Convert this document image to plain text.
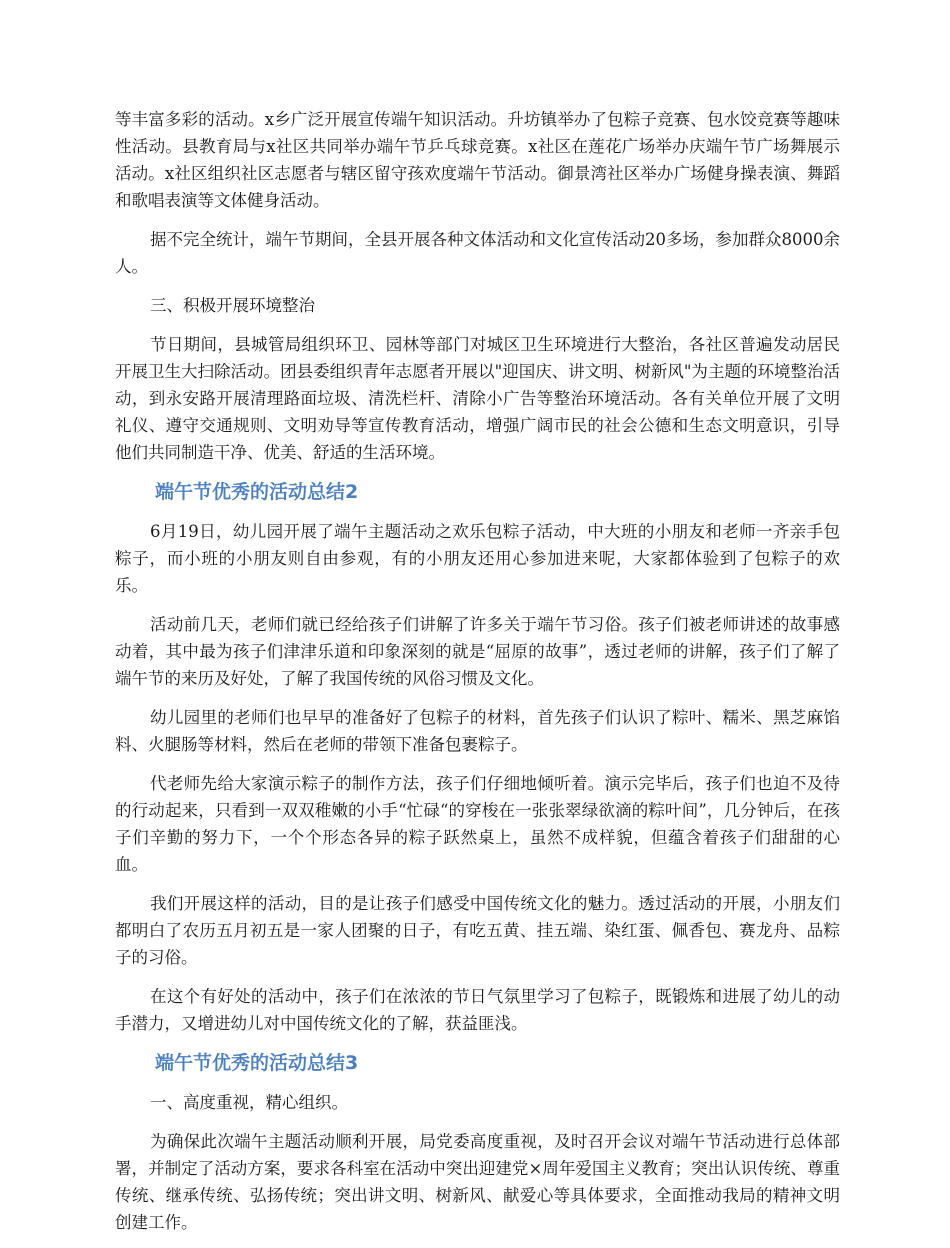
等丰富多彩的活动。x乡广泛开展宣传端午知识活动。升坊镇举办了包粽子竞赛、包水饺竞赛等趣味性活动。县教育局与x社区共同举办端午节乒乓球竞赛。x社区在莲花广场举办庆端午节广场舞展示活动。x社区组织社区志愿者与辖区留守孩欢度端午节活动。御景湾社区举办广场健身操表演、舞蹈和歌唱表演等文体健身活动。

据不完全统计，端午节期间，全县开展各种文体活动和文化宣传活动20多场，参加群众8000余人。

三、积极开展环境整治

节日期间，县城管局组织环卫、园林等部门对城区卫生环境进行大整治，各社区普遍发动居民开展卫生大扫除活动。团县委组织青年志愿者开展以"迎国庆、讲文明、树新风"为主题的环境整治活动，到永安路开展清理路面垃圾、清洗栏杆、清除小广告等整治环境活动。各有关单位开展了文明礼仪、遵守交通规则、文明劝导等宣传教育活动，增强广阔市民的社会公德和生态文明意识，引导他们共同制造干净、优美、舒适的生活环境。

端午节优秀的活动总结2

6月19日，幼儿园开展了端午主题活动之欢乐包粽子活动，中大班的小朋友和老师一齐亲手包粽子，而小班的小朋友则自由参观，有的小朋友还用心参加进来呢，大家都体验到了包粽子的欢乐。

活动前几天，老师们就已经给孩子们讲解了许多关于端午节习俗。孩子们被老师讲述的故事感动着，其中最为孩子们津津乐道和印象深刻的就是“屈原的故事”，透过老师的讲解，孩子们了解了端午节的来历及好处，了解了我国传统的风俗习惯及文化。

幼儿园里的老师们也早早的准备好了包粽子的材料，首先孩子们认识了粽叶、糯米、黑芝麻馅料、火腿肠等材料，然后在老师的带领下准备包裹粽子。

代老师先给大家演示粽子的制作方法，孩子们仔细地倾听着。演示完毕后，孩子们也迫不及待的行动起来，只看到一双双稚嫩的小手“忙碌“的穿梭在一张张翠绿欲滴的粽叶间”，几分钟后，在孩子们辛勤的努力下，一个个形态各异的粽子跃然桌上，虽然不成样貌，但蕴含着孩子们甜甜的心血。

我们开展这样的活动，目的是让孩子们感受中国传统文化的魅力。透过活动的开展，小朋友们都明白了农历五月初五是一家人团聚的日子，有吃五黄、挂五端、染红蛋、佩香包、赛龙舟、品粽子的习俗。

在这个有好处的活动中，孩子们在浓浓的节日气氛里学习了包粽子，既锻炼和进展了幼儿的动手潜力，又增进幼儿对中国传统文化的了解，获益匪浅。

端午节优秀的活动总结3

一、高度重视，精心组织。

为确保此次端午主题活动顺利开展，局党委高度重视，及时召开会议对端午节活动进行总体部署，并制定了活动方案，要求各科室在活动中突出迎建党×周年爱国主义教育；突出认识传统、尊重传统、继承传统、弘扬传统；突出讲文明、树新风、献爱心等具体要求，全面推动我局的精神文明创建工作。
